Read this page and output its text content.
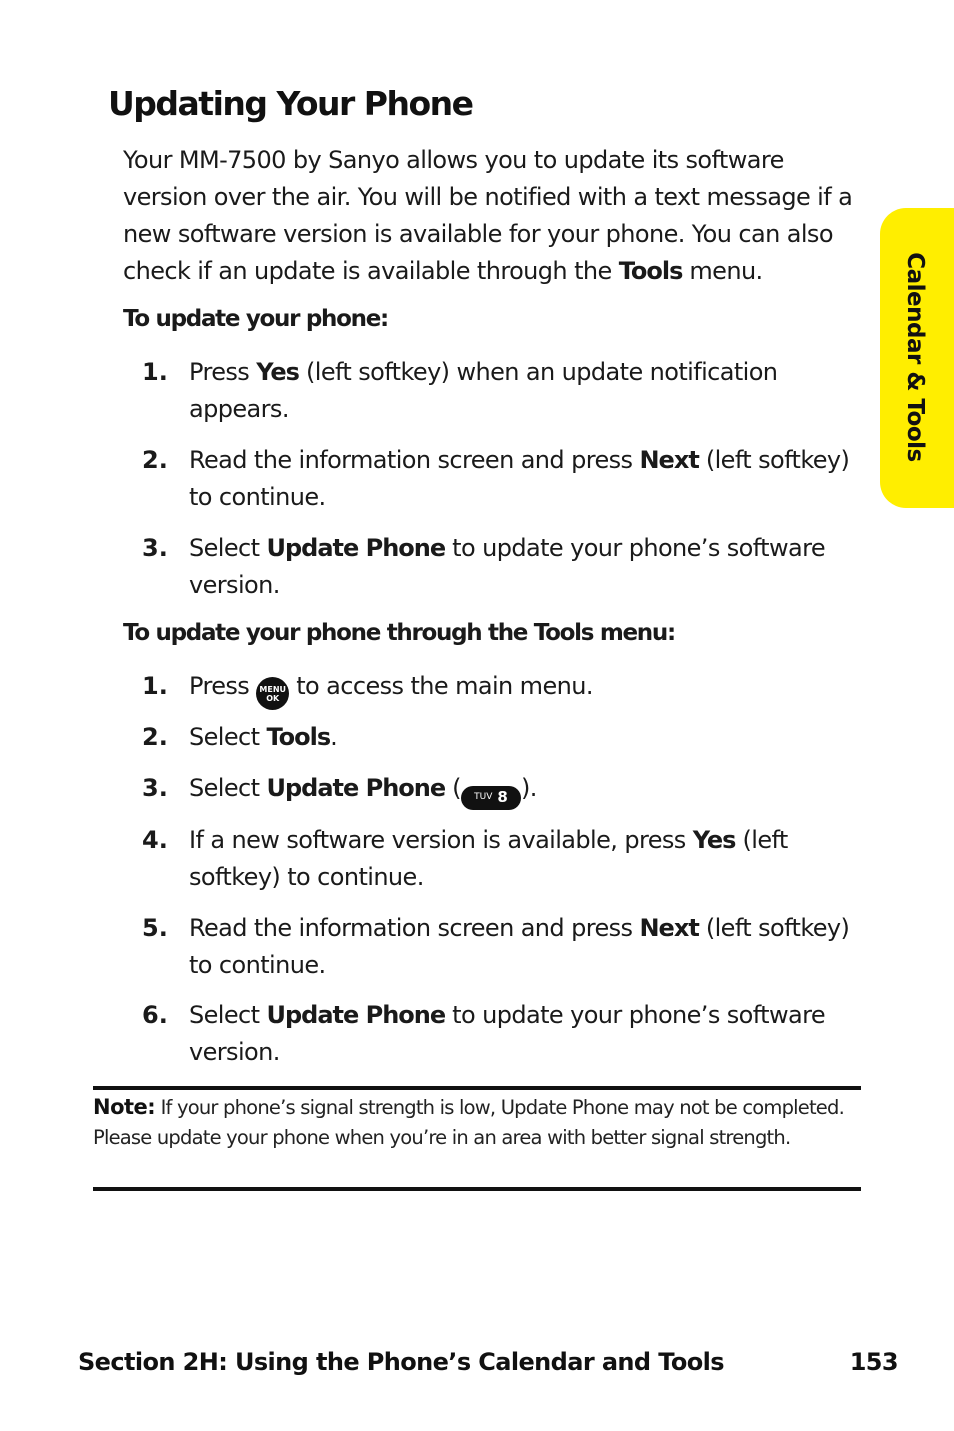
Updating Your Phone
Your MM-7500 by Sanyo allows you to update its software version over the air. You will be notified with a text message if a new software version is available for your phone. You can also check if an update is available through the Tools menu.
To update your phone:
1. Press Yes (left softkey) when an update notification appears.
2. Read the information screen and press Next (left softkey) to continue.
3. Select Update Phone to update your phone’s software version.
To update your phone through the Tools menu:
1. Press MENU
OK to access the main menu.
2. Select Tools.
3. Select Update Phone ( TUV 8 ).
4. If a new software version is available, press Yes (left softkey) to continue.
5. Read the information screen and press Next (left softkey) to continue.
6. Select Update Phone to update your phone’s software version.
Note: If your phone’s signal strength is low, Update Phone may not be completed. Please update your phone when you’re in an area with better signal strength.
Calendar & Tools
Section 2H: Using the Phone’s Calendar and Tools	153
